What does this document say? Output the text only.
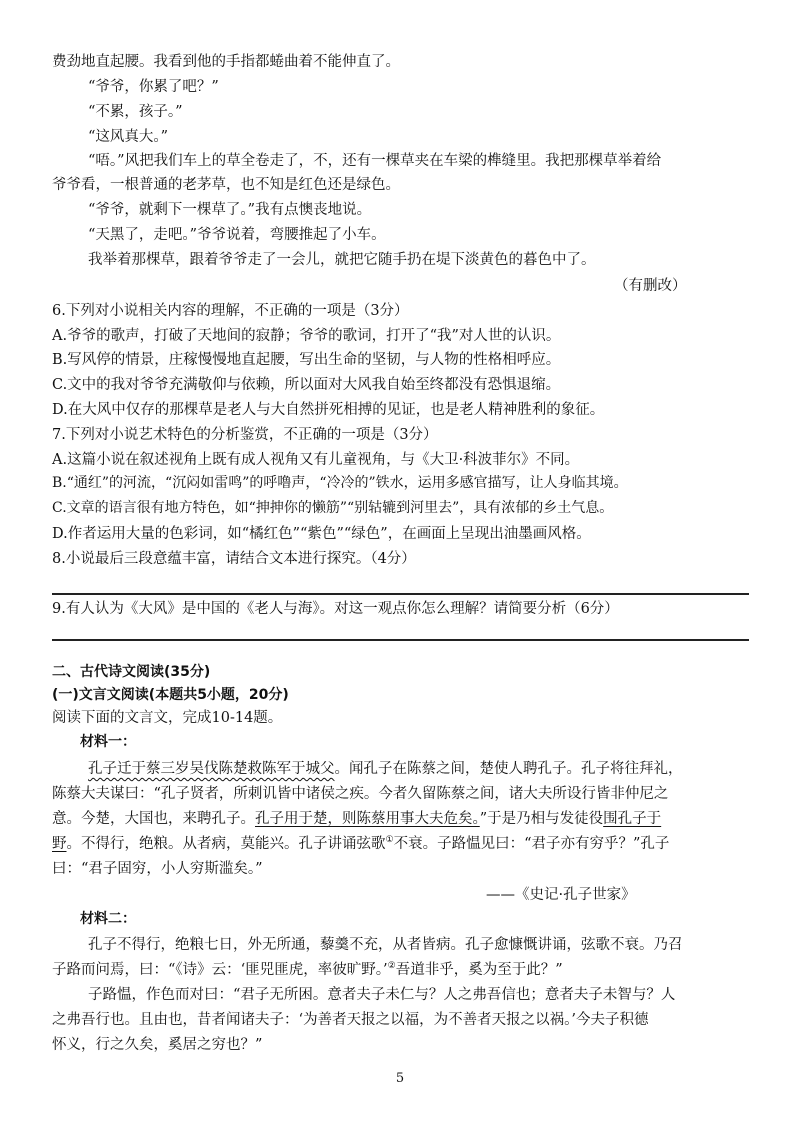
费劲地直起腰。我看到他的手指都蜷曲着不能伸直了。
“爷爷，你累了吧？”
“不累，孩子。”
“这风真大。”
“唔。”风把我们车上的草全卷走了，不，还有一棵草夹在车梁的榫缝里。我把那棵草举着给
爷爷看，一根普通的老茅草，也不知是红色还是绿色。
“爷爷，就剩下一棵草了。”我有点懊丧地说。
“天黑了，走吧。”爷爷说着，弯腰推起了小车。
我举着那棵草，跟着爷爷走了一会儿，就把它随手扔在堤下淡黄色的暮色中了。
（有删改）
6.下列对小说相关内容的理解，不正确的一项是（3分）
A.爷爷的歌声，打破了天地间的寂静；爷爷的歌词，打开了“我”对人世的认识。
B.写风停的情景，庄稼慢慢地直起腰，写出生命的坚韧，与人物的性格相呼应。
C.文中的我对爷爷充满敬仰与依赖，所以面对大风我自始至终都没有恐惧退缩。
D.在大风中仅存的那棵草是老人与大自然拼死相搏的见证，也是老人精神胜利的象征。
7.下列对小说艺术特色的分析鉴赏，不正确的一项是（3分）
A.这篇小说在叙述视角上既有成人视角又有儿童视角，与《大卫·科波菲尔》不同。
B.“通红”的河流，“沉闷如雷鸣”的呼噜声，“冷冷的”铁水，运用多感官描写，让人身临其境。
C.文章的语言很有地方特色，如“抻抻你的懒筋”“别轱辘到河里去”，具有浓郁的乡土气息。
D.作者运用大量的色彩词，如“橘红色”“紫色”“绿色”，在画面上呈现出油墨画风格。
8.小说最后三段意蕴丰富，请结合文本进行探究。（4分）
9.有人认为《大风》是中国的《老人与海》。对这一观点你怎么理解？请简要分析（6分）
二、古代诗文阅读(35分)
(一)文言文阅读(本题共5小题，20分)
阅读下面的文言文，完成10-14题。
材料一：
孔子迁于蔡三岁吴伐陈楚救陈军于城父。闻孔子在陈蔡之间，楚使人聘孔子。孔子将往拜礼，
陈蔡大夫谋曰：“孔子贤者，所刺讥皆中诸侯之疾。今者久留陈蔡之间，诸大夫所设行皆非仲尼之
意。今楚，大国也，来聘孔子。孔子用于楚，则陈蔡用事大夫危矣。”于是乃相与发徒役围孔子于
野。不得行，绝粮。从者病，莫能兴。孔子讲诵弦歌①不衰。子路愠见曰：“君子亦有穷乎？”孔子
曰：“君子固穷，小人穷斯滥矣。”
——《史记·孔子世家》
材料二：
孔子不得行，绝粮七日，外无所通，藜羹不充，从者皆病。孔子愈慷慨讲诵，弦歌不衰。乃召
子路而问焉，曰：“《诗》云：‘匪兕匪虎，率彼旷野。’②吾道非乎，奚为至于此？”
子路愠，作色而对曰：“君子无所困。意者夫子未仁与？人之弗吾信也；意者夫子未智与？人
之弗吾行也。且由也，昔者闻诸夫子：‘为善者天报之以福，为不善者天报之以祸。’今夫子积德
怀义，行之久矣，奚居之穷也？”
5
